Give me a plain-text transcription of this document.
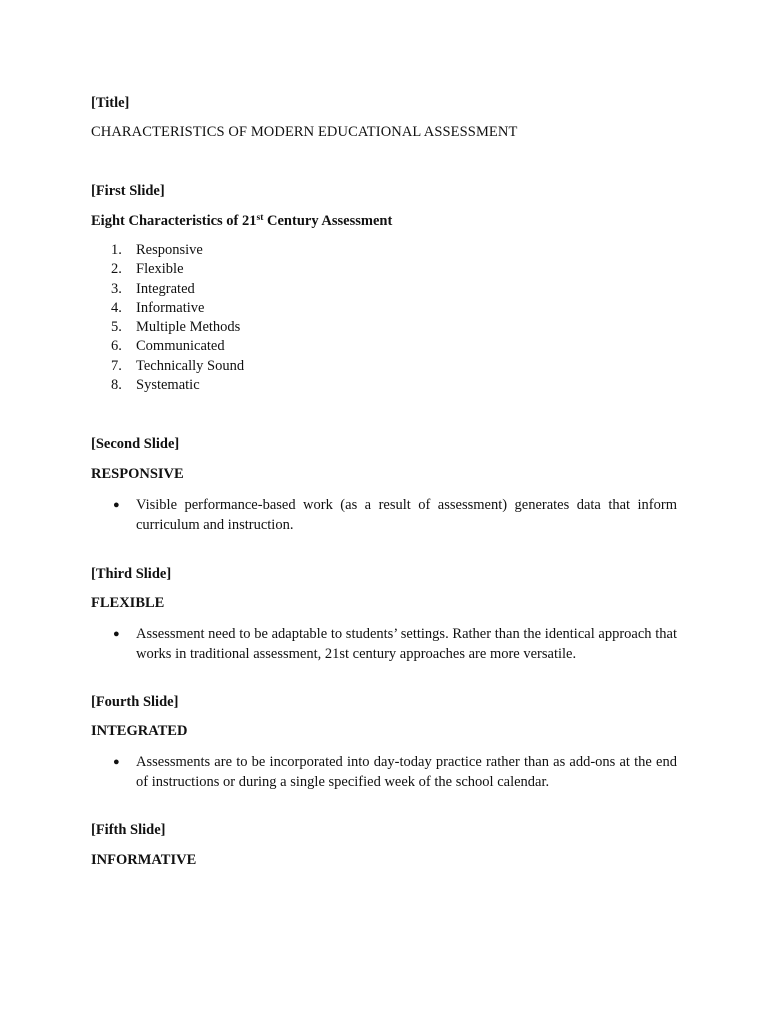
[Title]
CHARACTERISTICS OF MODERN EDUCATIONAL ASSESSMENT
[First Slide]
Eight Characteristics of 21st Century Assessment
1. Responsive
2. Flexible
3. Integrated
4. Informative
5. Multiple Methods
6. Communicated
7. Technically Sound
8. Systematic
[Second Slide]
RESPONSIVE
● Visible performance-based work (as a result of assessment) generates data that inform curriculum and instruction.
[Third Slide]
FLEXIBLE
● Assessment need to be adaptable to students’ settings. Rather than the identical approach that works in traditional assessment, 21st century approaches are more versatile.
[Fourth Slide]
INTEGRATED
● Assessments are to be incorporated into day-today practice rather than as add-ons at the end of instructions or during a single specified week of the school calendar.
[Fifth Slide]
INFORMATIVE
